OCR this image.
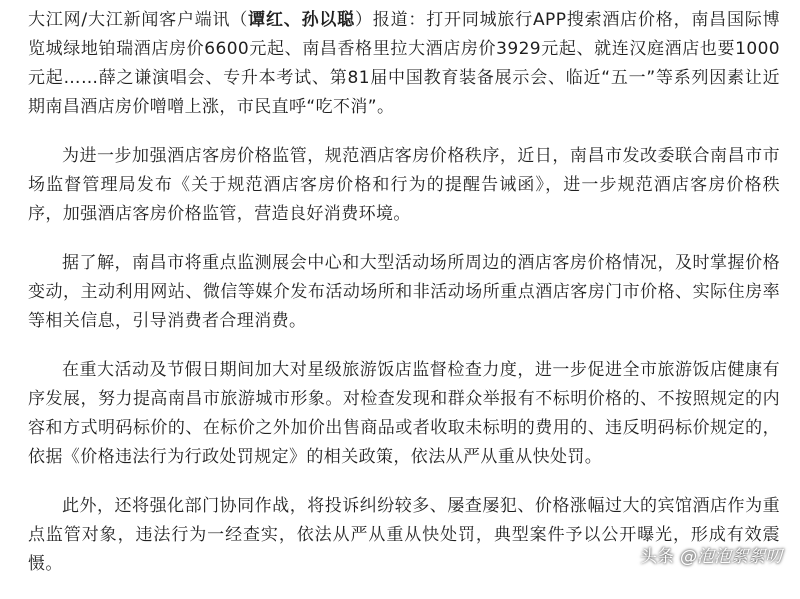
大江网/大江新闻客户端讯（谭红、孙以聪）报道：打开同城旅行APP搜索酒店价格，南昌国际博览城绿地铂瑞酒店房价6600元起、南昌香格里拉大酒店房价3929元起、就连汉庭酒店也要1000元起……薛之谦演唱会、专升本考试、第81届中国教育装备展示会、临近“五一”等系列因素让近期南昌酒店房价噌噌上涨，市民直呼“吃不消”。

为进一步加强酒店客房价格监管，规范酒店客房价格秩序，近日，南昌市发改委联合南昌市市场监督管理局发布《关于规范酒店客房价格和行为的提醒告诫函》，进一步规范酒店客房价格秩序，加强酒店客房价格监管，营造良好消费环境。

据了解，南昌市将重点监测展会中心和大型活动场所周边的酒店客房价格情况，及时掌握价格变动，主动利用网站、微信等媒介发布活动场所和非活动场所重点酒店客房门市价格、实际住房率等相关信息，引导消费者合理消费。

在重大活动及节假日期间加大对星级旅游饭店监督检查力度，进一步促进全市旅游饭店健康有序发展，努力提高南昌市旅游城市形象。对检查发现和群众举报有不标明价格的、不按照规定的内容和方式明码标价的、在标价之外加价出售商品或者收取未标明的费用的、违反明码标价规定的，依据《价格违法行为行政处罚规定》的相关政策，依法从严从重从快处罚。

此外，还将强化部门协同作战，将投诉纠纷较多、屡查屡犯、价格涨幅过大的宾馆酒店作为重点监管对象，违法行为一经查实，依法从严从重从快处罚，典型案件予以公开曝光，形成有效震慑。	头条 @泡泡絮絮叨
